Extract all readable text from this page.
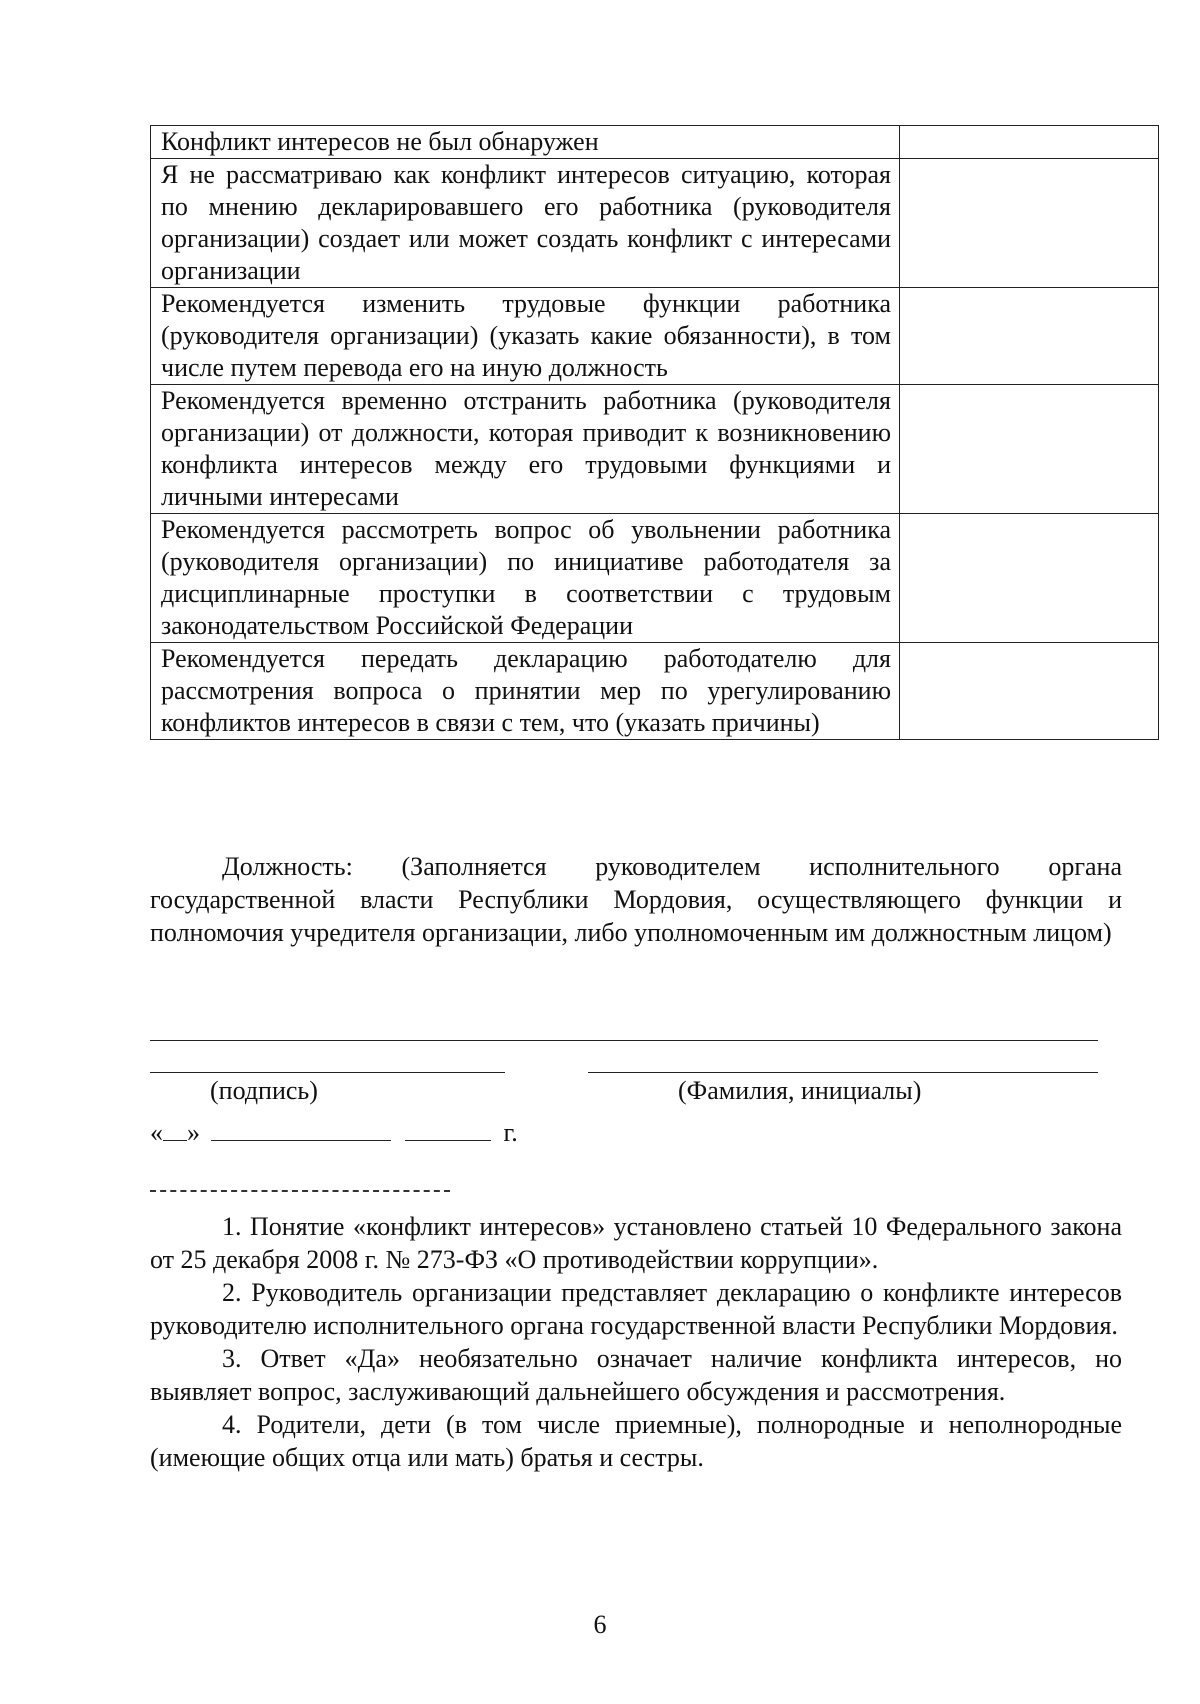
Конфликт интересов не был обнаружен	

Я не рассматриваю как конфликт интересов ситуацию, которая по мнению декларировавшего его работника (руководителя организации) создает или может создать конфликт с интересами организации	

Рекомендуется изменить трудовые функции работника (руководителя организации) (указать какие обязанности), в том числе путем перевода его на иную должность	

Рекомендуется временно отстранить работника (руководителя организации) от должности, которая приводит к возникновению конфликта интересов между его трудовыми функциями и личными интересами	

Рекомендуется рассмотреть вопрос об увольнении работника (руководителя организации) по инициативе работодателя за дисциплинарные проступки в соответствии с трудовым законодательством Российской Федерации	

Рекомендуется передать декларацию работодателю для рассмотрения вопроса о принятии мер по урегулированию конфликтов интересов в связи с тем, что (указать причины)	

Должность: (Заполняется руководителем исполнительного органа государственной власти Республики Мордовия, осуществляющего функции и полномочия учредителя организации, либо уполномоченным им должностным лицом)

(подпись)	(Фамилия, инициалы)

« »	г.

1. Понятие «конфликт интересов» установлено статьей 10 Федерального закона от 25 декабря 2008 г. № 273-ФЗ «О противодействии коррупции».

2. Руководитель организации представляет декларацию о конфликте интересов руководителю исполнительного органа государственной власти Республики Мордовия.

3. Ответ «Да» необязательно означает наличие конфликта интересов, но выявляет вопрос, заслуживающий дальнейшего обсуждения и рассмотрения.

4. Родители, дети (в том числе приемные), полнородные и неполнородные (имеющие общих отца или мать) братья и сестры.

6
